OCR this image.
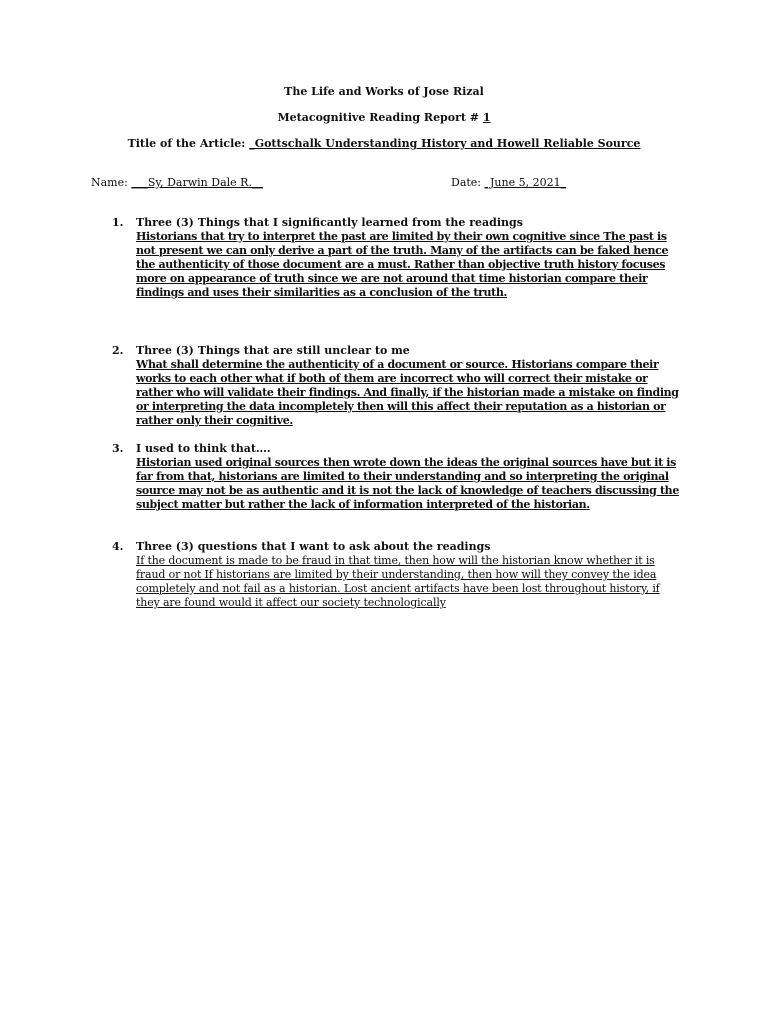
The Life and Works of Jose Rizal
Metacognitive Reading Report # 1
Title of the Article: _Gottschalk Understanding History and Howell Reliable Source
Name: ___Sy, Darwin Dale R.__	Date: _June 5, 2021_
1. Three (3) Things that I significantly learned from the readings
Historians that try to interpret the past are limited by their own cognitive since The past is not present we can only derive a part of the truth. Many of the artifacts can be faked hence the authenticity of those document are a must. Rather than objective truth history focuses more on appearance of truth since we are not around that time historian compare their findings and uses their similarities as a conclusion of the truth.
2. Three (3) Things that are still unclear to me
What shall determine the authenticity of a document or source. Historians compare their works to each other what if both of them are incorrect who will correct their mistake or rather who will validate their findings. And finally, if the historian made a mistake on finding or interpreting the data incompletely then will this affect their reputation as a historian or rather only their cognitive.
3. I used to think that….
Historian used original sources then wrote down the ideas the original sources have but it is far from that, historians are limited to their understanding and so interpreting the original source may not be as authentic and it is not the lack of knowledge of teachers discussing the subject matter but rather the lack of information interpreted of the historian.
4. Three (3) questions that I want to ask about the readings
If the document is made to be fraud in that time, then how will the historian know whether it is fraud or not If historians are limited by their understanding, then how will they convey the idea completely and not fail as a historian. Lost ancient artifacts have been lost throughout history, if they are found would it affect our society technologically
